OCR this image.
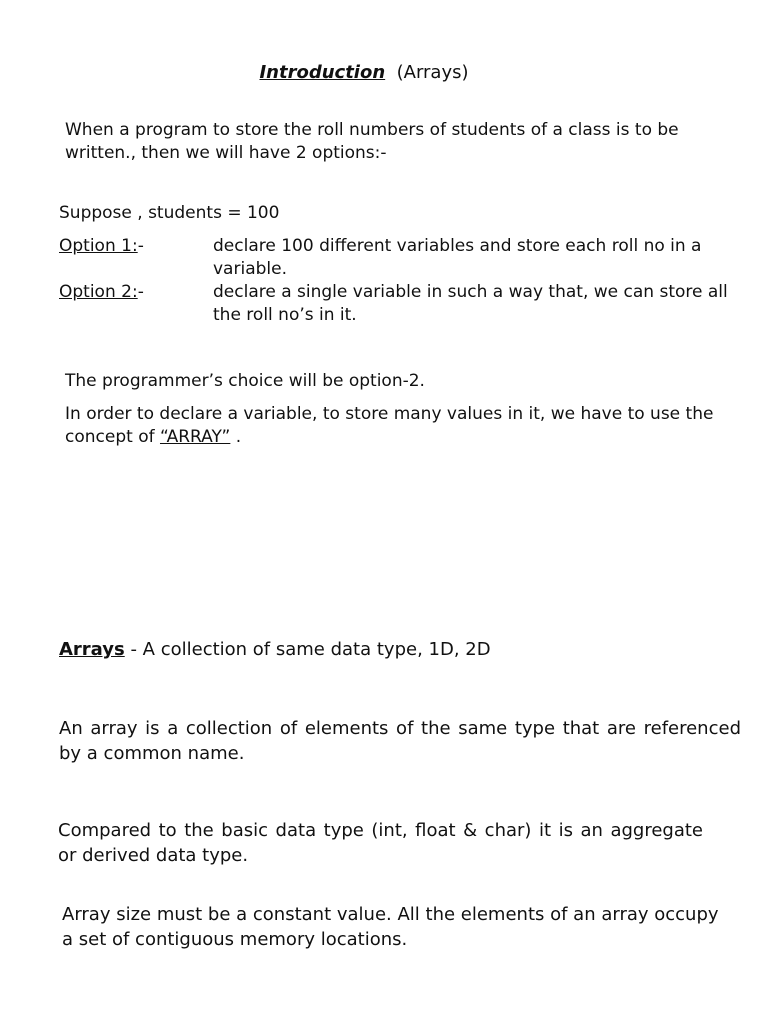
Introduction (Arrays)
When a program to store the roll numbers of students of a class is to be written., then we will have 2 options:-
Suppose , students = 100
Option 1:-	declare 100 different variables and store each roll no in a variable.
Option 2:-	declare a single variable in such a way that, we can store all the roll no’s in it.
The programmer’s choice will be option-2.
In order to declare a variable, to store many values in it, we have to use the concept of “ARRAY” .
Arrays - A collection of same data type, 1D, 2D
An array is a collection of elements of the same type that are referenced by a common name.
Compared to the basic data type (int, float & char) it is an aggregate or derived data type.
Array size must be a constant value. All the elements of an array occupy a set of contiguous memory locations.
